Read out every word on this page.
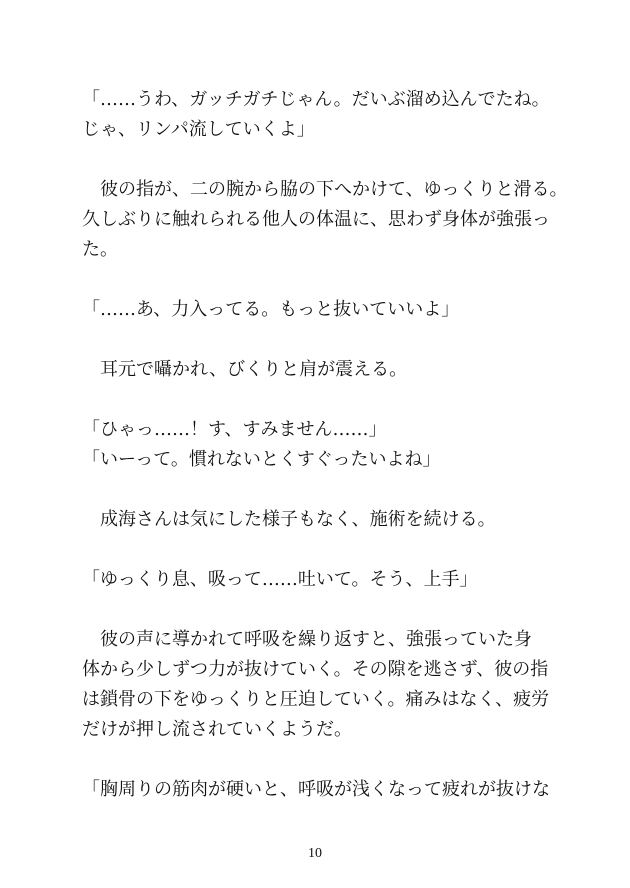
「……うわ、ガッチガチじゃん。だいぶ溜め込んでたね。
じゃ、リンパ流していくよ」
　彼の指が、二の腕から脇の下へかけて、ゆっくりと滑る。
久しぶりに触れられる他人の体温に、思わず身体が強張っ
た。
「……あ、力入ってる。もっと抜いていいよ」
　耳元で囁かれ、びくりと肩が震える。
「ひゃっ……！す、すみません……」
「いーって。慣れないとくすぐったいよね」
　成海さんは気にした様子もなく、施術を続ける。
「ゆっくり息、吸って……吐いて。そう、上手」
　彼の声に導かれて呼吸を繰り返すと、強張っていた身
体から少しずつ力が抜けていく。その隙を逃さず、彼の指
は鎖骨の下をゆっくりと圧迫していく。痛みはなく、疲労
だけが押し流されていくようだ。
「胸周りの筋肉が硬いと、呼吸が浅くなって疲れが抜けな
10
